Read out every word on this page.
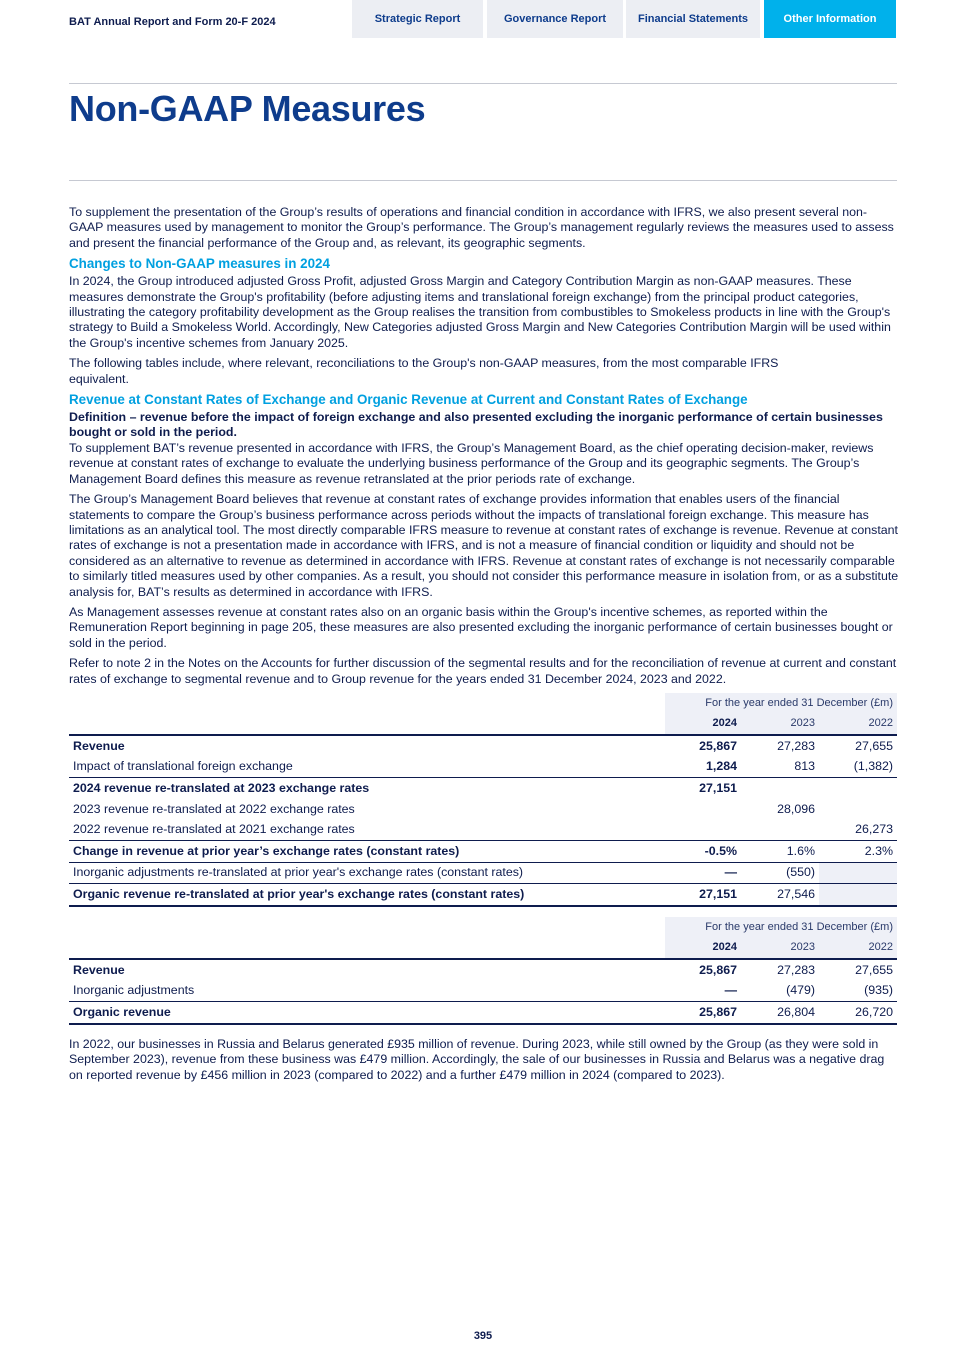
BAT Annual Report and Form 20-F 2024	Strategic Report	Governance Report	Financial Statements	Other Information
Non-GAAP Measures

To supplement the presentation of the Group’s results of operations and financial condition in accordance with IFRS, we also present several non-GAAP measures used by management to monitor the Group’s performance. The Group’s management regularly reviews the measures used to assess and present the financial performance of the Group and, as relevant, its geographic segments.

Changes to Non-GAAP measures in 2024

In 2024, the Group introduced adjusted Gross Profit, adjusted Gross Margin and Category Contribution Margin as non-GAAP measures. These measures demonstrate the Group's profitability (before adjusting items and translational foreign exchange) from the principal product categories, illustrating the category profitability development as the Group realises the transition from combustibles to Smokeless products in line with the Group's strategy to Build a Smokeless World. Accordingly, New Categories adjusted Gross Margin and New Categories Contribution Margin will be used within the Group's incentive schemes from January 2025.

The following tables include, where relevant, reconciliations to the Group's non-GAAP measures, from the most comparable IFRS equivalent.

Revenue at Constant Rates of Exchange and Organic Revenue at Current and Constant Rates of Exchange

Definition – revenue before the impact of foreign exchange and also presented excluding the inorganic performance of certain businesses bought or sold in the period.

To supplement BAT’s revenue presented in accordance with IFRS, the Group’s Management Board, as the chief operating decision-maker, reviews revenue at constant rates of exchange to evaluate the underlying business performance of the Group and its geographic segments. The Group’s Management Board defines this measure as revenue retranslated at the prior periods rate of exchange.

The Group’s Management Board believes that revenue at constant rates of exchange provides information that enables users of the financial statements to compare the Group’s business performance across periods without the impacts of translational foreign exchange. This measure has limitations as an analytical tool. The most directly comparable IFRS measure to revenue at constant rates of exchange is revenue. Revenue at constant rates of exchange is not a presentation made in accordance with IFRS, and is not a measure of financial condition or liquidity and should not be considered as an alternative to revenue as determined in accordance with IFRS. Revenue at constant rates of exchange is not necessarily comparable to similarly titled measures used by other companies. As a result, you should not consider this performance measure in isolation from, or as a substitute analysis for, BAT’s results as determined in accordance with IFRS.

As Management assesses revenue at constant rates also on an organic basis within the Group's incentive schemes, as reported within the Remuneration Report beginning in page 205, these measures are also presented excluding the inorganic performance of certain businesses bought or sold in the period.

Refer to note 2 in the Notes on the Accounts for further discussion of the segmental results and for the reconciliation of revenue at current and constant rates of exchange to segmental revenue and to Group revenue for the years ended 31 December 2024, 2023 and 2022.

	For the year ended 31 December (£m)		
	2024	2023	2022
Revenue	25,867	27,283	27,655
Impact of translational foreign exchange	1,284	813	(1,382)
2024 revenue re-translated at 2023 exchange rates	27,151		
2023 revenue re-translated at 2022 exchange rates		28,096	
2022 revenue re-translated at 2021 exchange rates			26,273
Change in revenue at prior year’s exchange rates (constant rates)	-0.5%	1.6%	2.3%
Inorganic adjustments re-translated at prior year's exchange rates (constant rates)	—	(550)	
Organic revenue re-translated at prior year's exchange rates (constant rates)	27,151	27,546	
	For the year ended 31 December (£m)		
	2024	2023	2022
Revenue	25,867	27,283	27,655
Inorganic adjustments	—	(479)	(935)
Organic revenue	25,867	26,804	26,720

In 2022, our businesses in Russia and Belarus generated £935 million of revenue. During 2023, while still owned by the Group (as they were sold in September 2023), revenue from these business was £479 million. Accordingly, the sale of our businesses in Russia and Belarus was a negative drag on reported revenue by £456 million in 2023 (compared to 2022) and a further £479 million in 2024 (compared to 2023).

395
